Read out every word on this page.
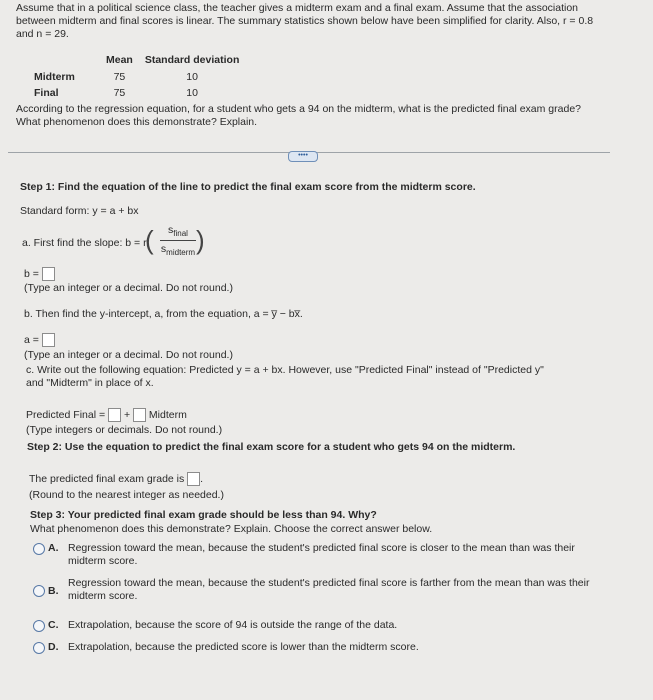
Assume that in a political science class, the teacher gives a midterm exam and a final exam. Assume that the association
between midterm and final scores is linear. The summary statistics shown below have been simplified for clarity. Also, r = 0.8
and n = 29.
	Mean	Standard deviation
Midterm	75	10
Final	75	10
According to the regression equation, for a student who gets a 94 on the midterm, what is the predicted final exam grade?
What phenomenon does this demonstrate? Explain.
••••
Step 1: Find the equation of the line to predict the final exam score from the midterm score.
Standard form: y = a + bx
a. First find the slope: b = r
(	$s_{final}$
$s_{midterm}$ )
b =
(Type an integer or a decimal. Do not round.)
b. Then find the y-intercept, a, from the equation, a = y̅ − bx̅.
a =
(Type an integer or a decimal. Do not round.)
c. Write out the following equation: Predicted y = a + bx. However, use "Predicted Final" instead of "Predicted y"
and "Midterm" in place of x.
Predicted Final = + Midterm
(Type integers or decimals. Do not round.)
Step 2: Use the equation to predict the final exam score for a student who gets 94 on the midterm.
The predicted final exam grade is .
(Round to the nearest integer as needed.)
Step 3: Your predicted final exam grade should be less than 94. Why?
What phenomenon does this demonstrate? Explain. Choose the correct answer below.
A. Regression toward the mean, because the student's predicted final score is closer to the mean than was their
midterm score.
B.
Regression toward the mean, because the student's predicted final score is farther from the mean than was their
midterm score.
C. Extrapolation, because the score of 94 is outside the range of the data.
D. Extrapolation, because the predicted score is lower than the midterm score.
